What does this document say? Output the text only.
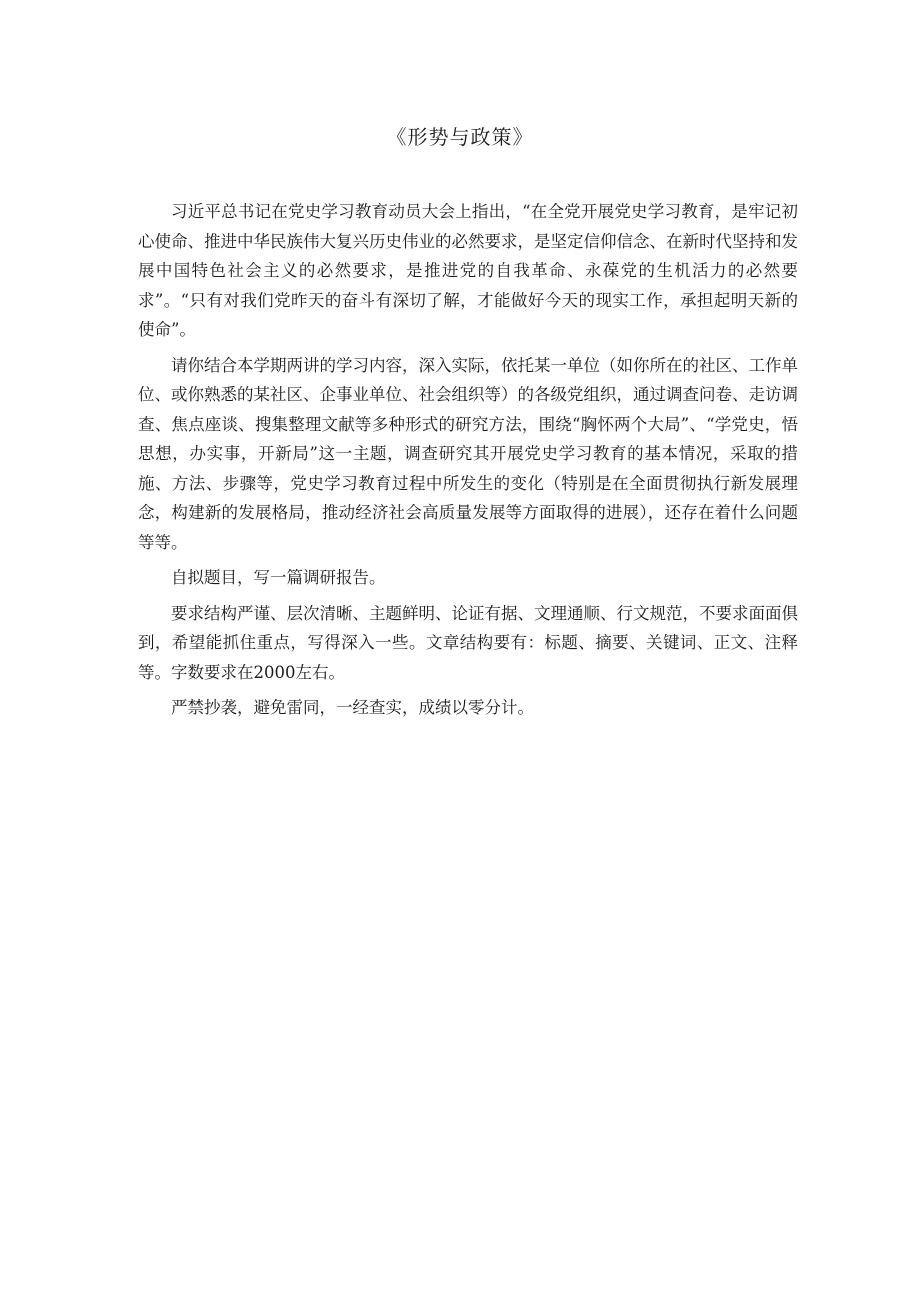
《形势与政策》

习近平总书记在党史学习教育动员大会上指出，“在全党开展党史学习教育，是牢记初心使命、推进中华民族伟大复兴历史伟业的必然要求，是坚定信仰信念、在新时代坚持和发展中国特色社会主义的必然要求，是推进党的自我革命、永葆党的生机活力的必然要求”。“只有对我们党昨天的奋斗有深切了解，才能做好今天的现实工作，承担起明天新的使命”。

请你结合本学期两讲的学习内容，深入实际，依托某一单位（如你所在的社区、工作单位、或你熟悉的某社区、企事业单位、社会组织等）的各级党组织，通过调查问卷、走访调查、焦点座谈、搜集整理文献等多种形式的研究方法，围绕“胸怀两个大局”、“学党史，悟思想，办实事，开新局”这一主题，调查研究其开展党史学习教育的基本情况，采取的措施、方法、步骤等，党史学习教育过程中所发生的变化（特别是在全面贯彻执行新发展理念，构建新的发展格局，推动经济社会高质量发展等方面取得的进展），还存在着什么问题等等。

自拟题目，写一篇调研报告。

要求结构严谨、层次清晰、主题鲜明、论证有据、文理通顺、行文规范，不要求面面俱到，希望能抓住重点，写得深入一些。文章结构要有：标题、摘要、关键词、正文、注释等。字数要求在2000左右。

严禁抄袭，避免雷同，一经查实，成绩以零分计。
